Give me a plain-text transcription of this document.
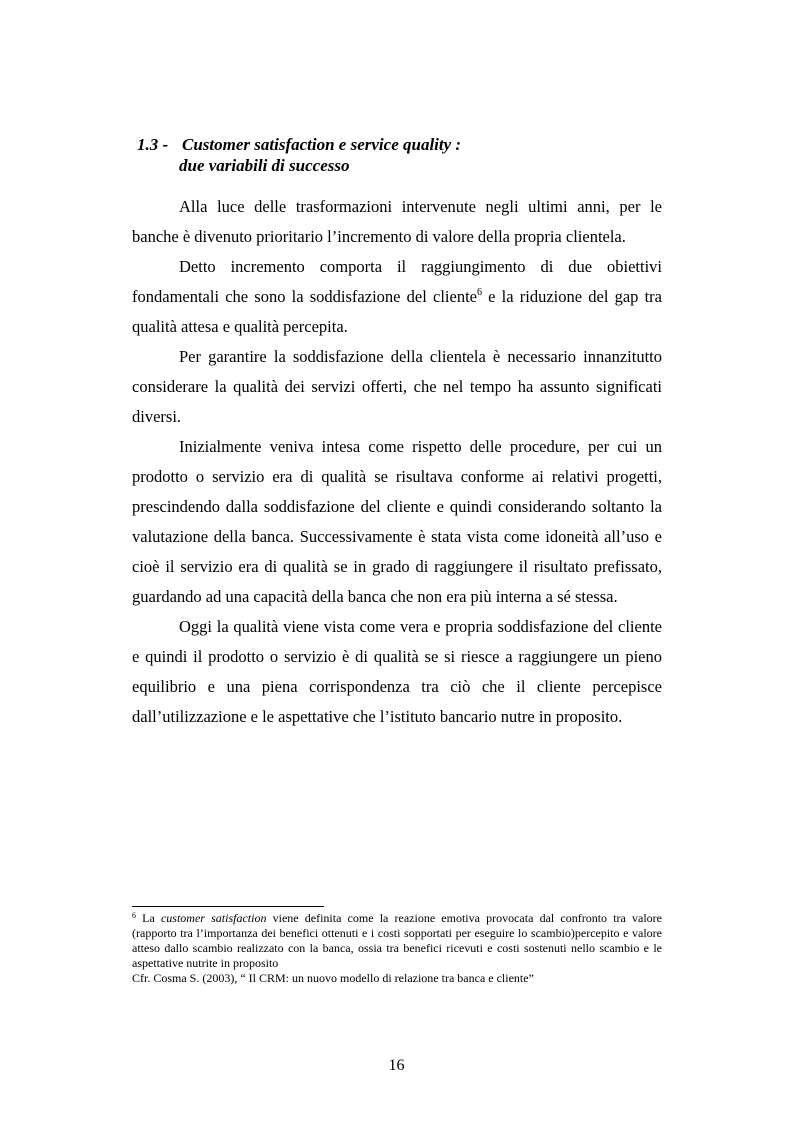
1.3 - Customer satisfaction e service quality :
due variabili di successo

Alla luce delle trasformazioni intervenute negli ultimi anni, per le banche è divenuto prioritario l’incremento di valore della propria clientela.

Detto incremento comporta il raggiungimento di due obiettivi fondamentali che sono la soddisfazione del cliente$^6$ e la riduzione del gap tra qualità attesa e qualità percepita.

Per garantire la soddisfazione della clientela è necessario innanzitutto considerare la qualità dei servizi offerti, che nel tempo ha assunto significati diversi.

Inizialmente veniva intesa come rispetto delle procedure, per cui un prodotto o servizio era di qualità se risultava conforme ai relativi progetti, prescindendo dalla soddisfazione del cliente e quindi considerando soltanto la valutazione della banca. Successivamente è stata vista come idoneità all’uso e cioè il servizio era di qualità se in grado di raggiungere il risultato prefissato, guardando ad una capacità della banca che non era più interna a sé stessa.

Oggi la qualità viene vista come vera e propria soddisfazione del cliente e quindi il prodotto o servizio è di qualità se si riesce a raggiungere un pieno equilibrio e una piena corrispondenza tra ciò che il cliente percepisce dall’utilizzazione e le aspettative che l’istituto bancario nutre in proposito.

$^6$ La customer satisfaction viene definita come la reazione emotiva provocata dal confronto tra valore (rapporto tra l’importanza dei benefici ottenuti e i costi sopportati per eseguire lo scambio)percepito e valore atteso dallo scambio realizzato con la banca, ossia tra benefici ricevuti e costi sostenuti nello scambio e le aspettative nutrite in proposito

Cfr. Cosma S. (2003), “ Il CRM: un nuovo modello di relazione tra banca e cliente”

16
